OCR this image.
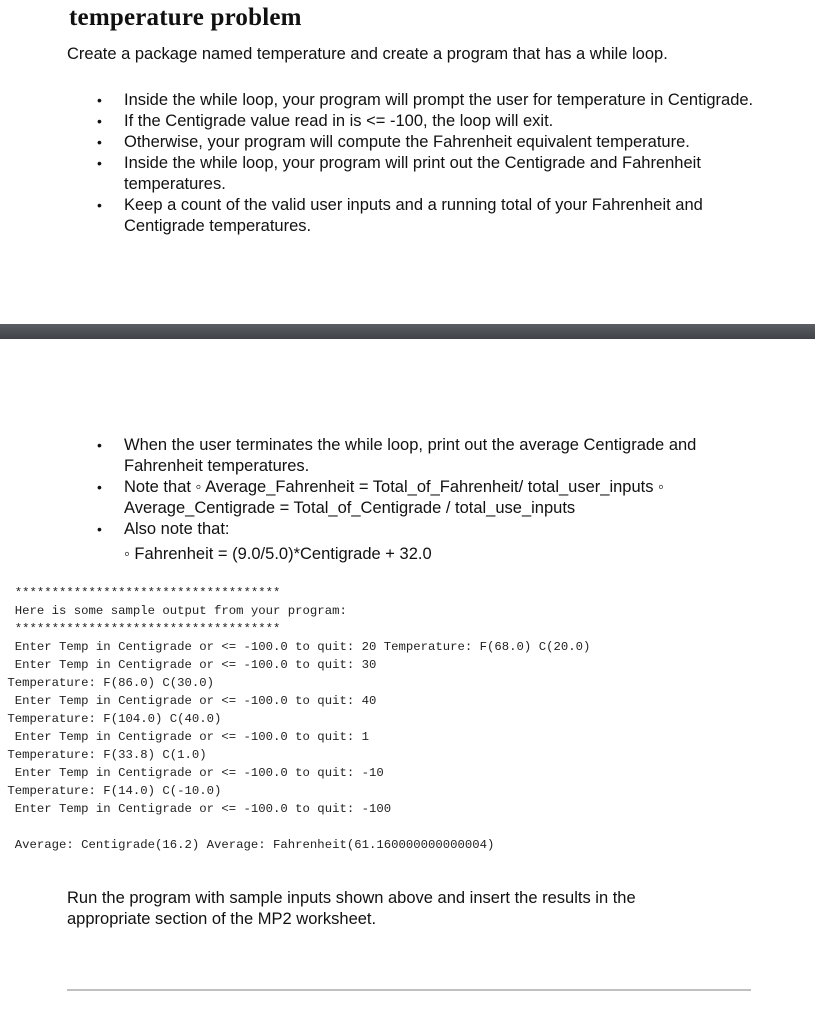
temperature problem
Create a package named temperature and create a program that has a while loop.
• Inside the while loop, your program will prompt the user for temperature in Centigrade.
• If the Centigrade value read in is <= -100, the loop will exit.
• Otherwise, your program will compute the Fahrenheit equivalent temperature.
• Inside the while loop, your program will print out the Centigrade and Fahrenheit temperatures.
• Keep a count of the valid user inputs and a running total of your Fahrenheit and Centigrade temperatures.
• When the user terminates the while loop, print out the average Centigrade and Fahrenheit temperatures.
• Note that ◦ Average_Fahrenheit = Total_of_Fahrenheit/ total_user_inputs ◦ Average_Centigrade = Total_of_Centigrade / total_use_inputs
• Also note that:
◦ Fahrenheit = (9.0/5.0)*Centigrade + 32.0
************************************
Here is some sample output from your program:
************************************
Enter Temp in Centigrade or <= -100.0 to quit: 20 Temperature: F(68.0) C(20.0)
Enter Temp in Centigrade or <= -100.0 to quit: 30
Temperature: F(86.0) C(30.0)
Enter Temp in Centigrade or <= -100.0 to quit: 40
Temperature: F(104.0) C(40.0)
Enter Temp in Centigrade or <= -100.0 to quit: 1
Temperature: F(33.8) C(1.0)
Enter Temp in Centigrade or <= -100.0 to quit: -10
Temperature: F(14.0) C(-10.0)
Enter Temp in Centigrade or <= -100.0 to quit: -100

Average: Centigrade(16.2) Average: Fahrenheit(61.160000000000004)
Run the program with sample inputs shown above and insert the results in the appropriate section of the MP2 worksheet.
